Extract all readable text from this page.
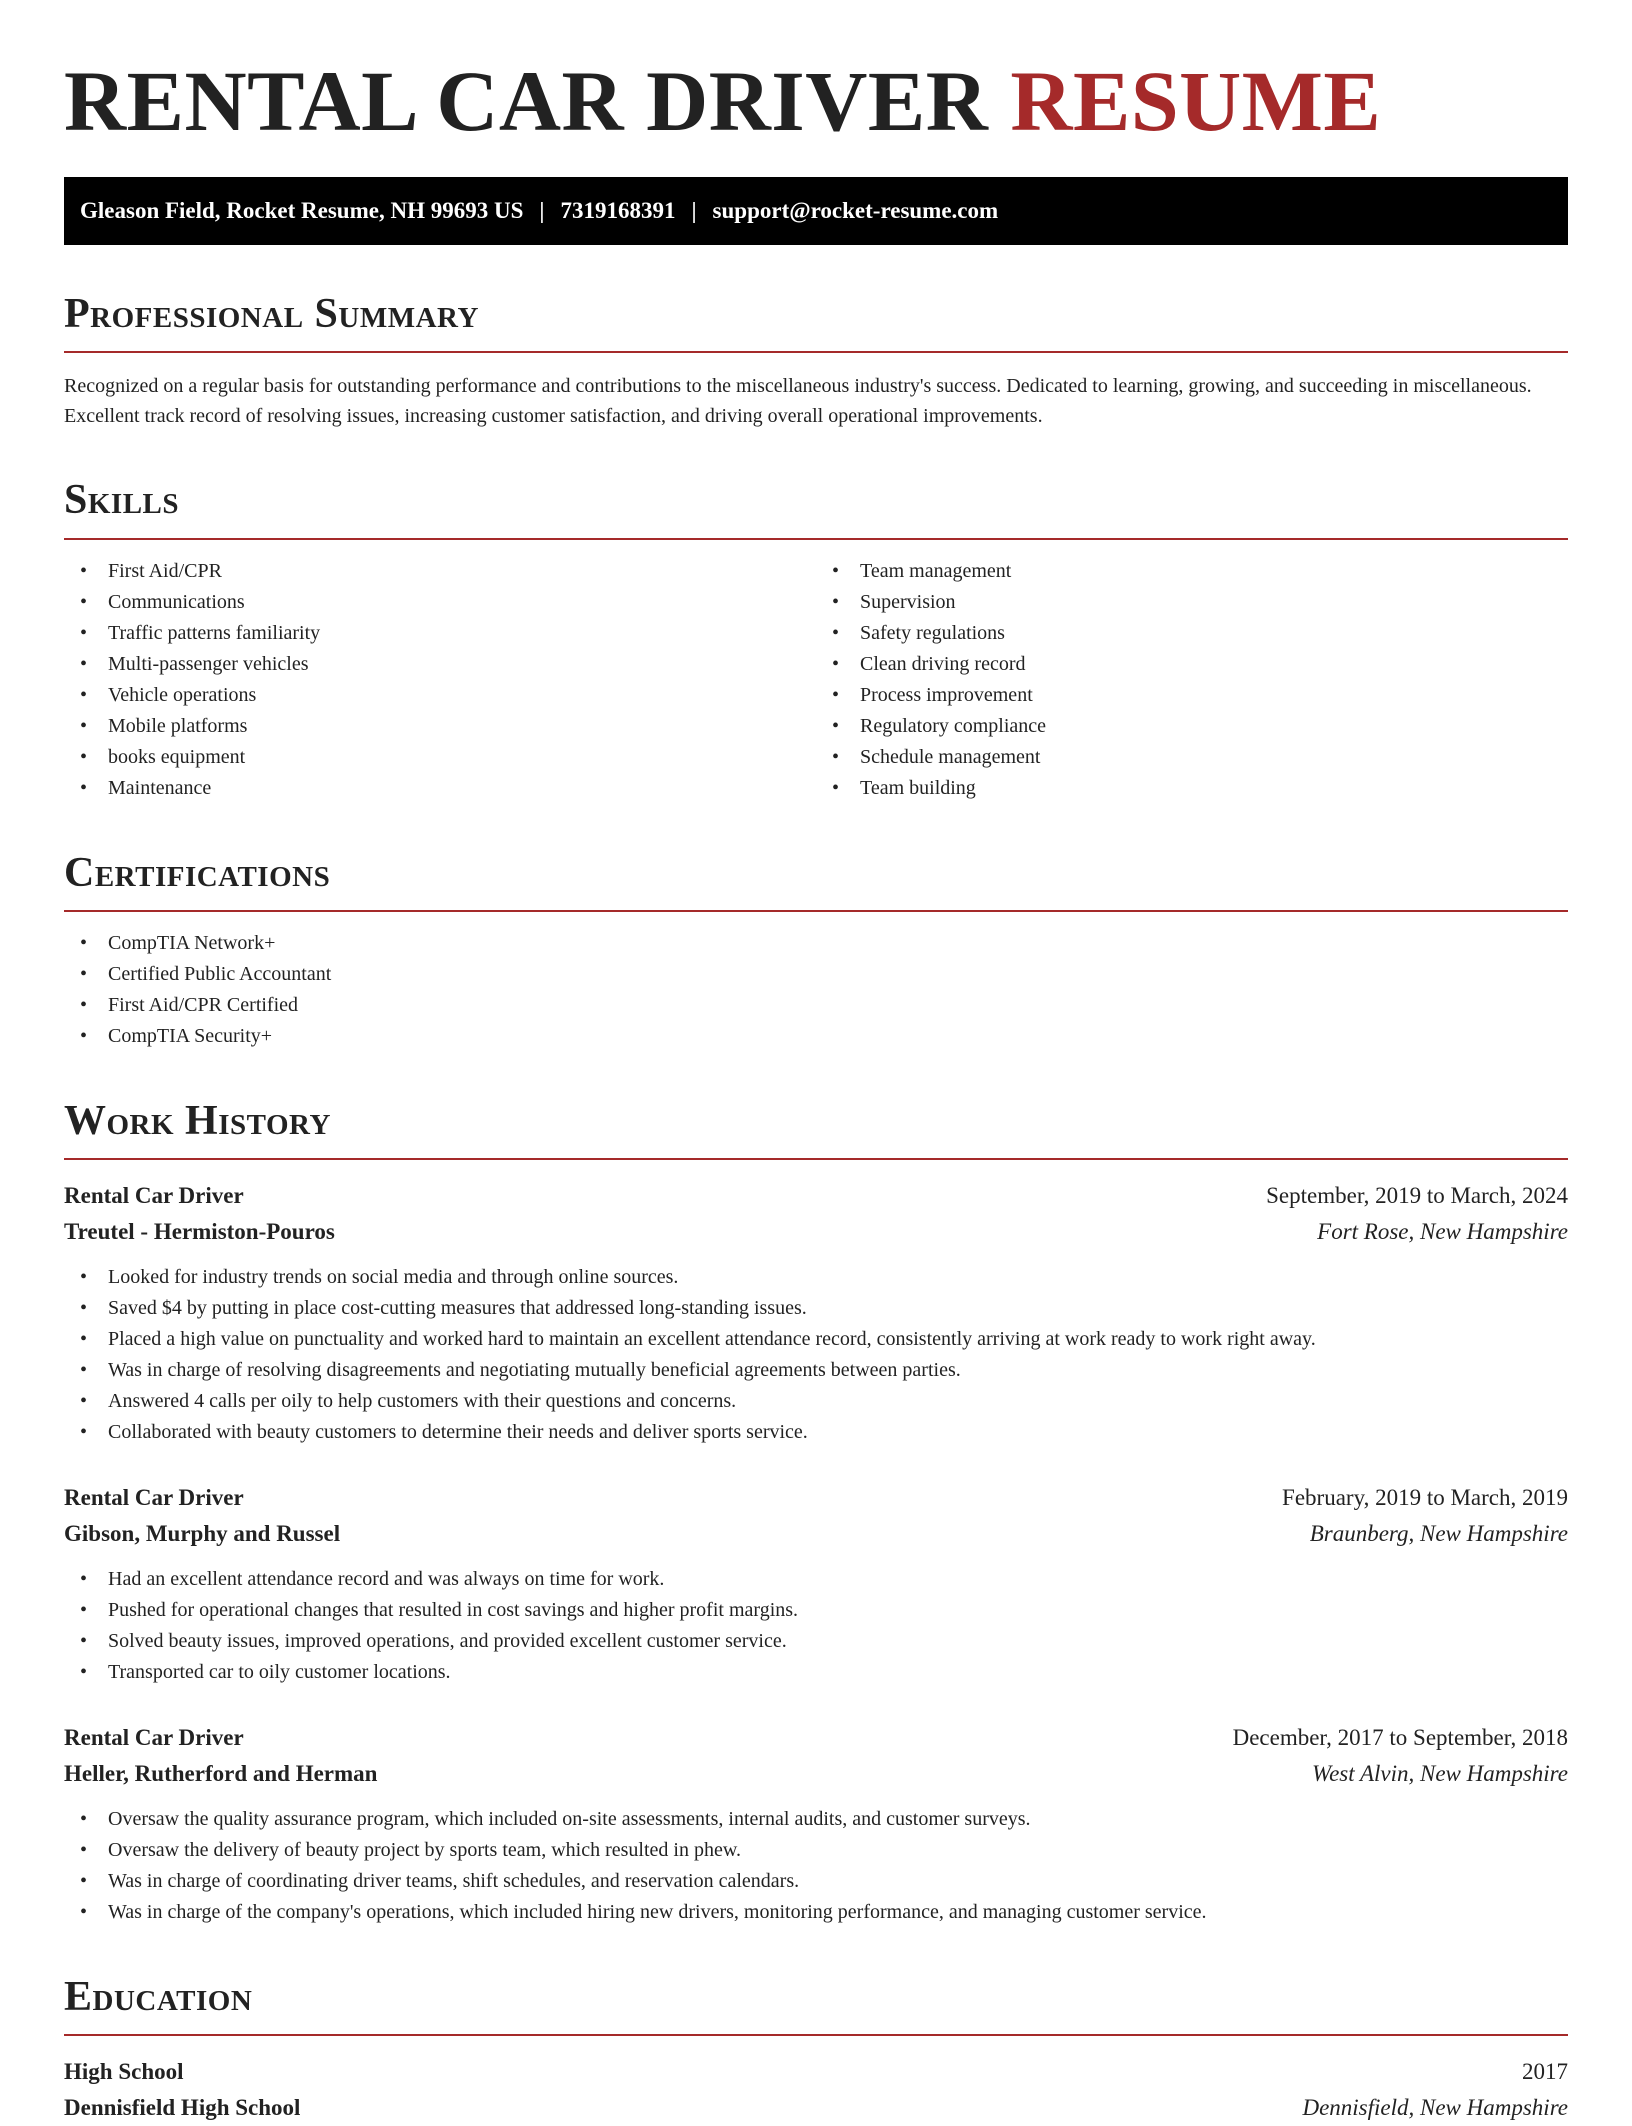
RENTAL CAR DRIVER RESUME
Gleason Field, Rocket Resume, NH 99693 US | 7319168391 | support@rocket-resume.com
Professional Summary

Recognized on a regular basis for outstanding performance and contributions to the miscellaneous industry's success. Dedicated to learning, growing, and succeeding in miscellaneous. Excellent track record of resolving issues, increasing customer satisfaction, and driving overall operational improvements.

Skills
• First Aid/CPR
• Communications
• Traffic patterns familiarity
• Multi-passenger vehicles
• Vehicle operations
• Mobile platforms
• books equipment
• Maintenance
• Team management
• Supervision
• Safety regulations
• Clean driving record
• Process improvement
• Regulatory compliance
• Schedule management
• Team building
Certifications
• CompTIA Network+
• Certified Public Accountant
• First Aid/CPR Certified
• CompTIA Security+
Work History
Rental Car Driver	September, 2019 to March, 2024
Treutel - Hermiston-Pouros	Fort Rose, New Hampshire
• Looked for industry trends on social media and through online sources.
• Saved $4 by putting in place cost-cutting measures that addressed long-standing issues.
• Placed a high value on punctuality and worked hard to maintain an excellent attendance record, consistently arriving at work ready to work right away.
• Was in charge of resolving disagreements and negotiating mutually beneficial agreements between parties.
• Answered 4 calls per oily to help customers with their questions and concerns.
• Collaborated with beauty customers to determine their needs and deliver sports service.
Rental Car Driver	February, 2019 to March, 2019
Gibson, Murphy and Russel	Braunberg, New Hampshire
• Had an excellent attendance record and was always on time for work.
• Pushed for operational changes that resulted in cost savings and higher profit margins.
• Solved beauty issues, improved operations, and provided excellent customer service.
• Transported car to oily customer locations.
Rental Car Driver	December, 2017 to September, 2018
Heller, Rutherford and Herman	West Alvin, New Hampshire
• Oversaw the quality assurance program, which included on-site assessments, internal audits, and customer surveys.
• Oversaw the delivery of beauty project by sports team, which resulted in phew.
• Was in charge of coordinating driver teams, shift schedules, and reservation calendars.
• Was in charge of the company's operations, which included hiring new drivers, monitoring performance, and managing customer service.
Education
High School	2017
Dennisfield High School	Dennisfield, New Hampshire
